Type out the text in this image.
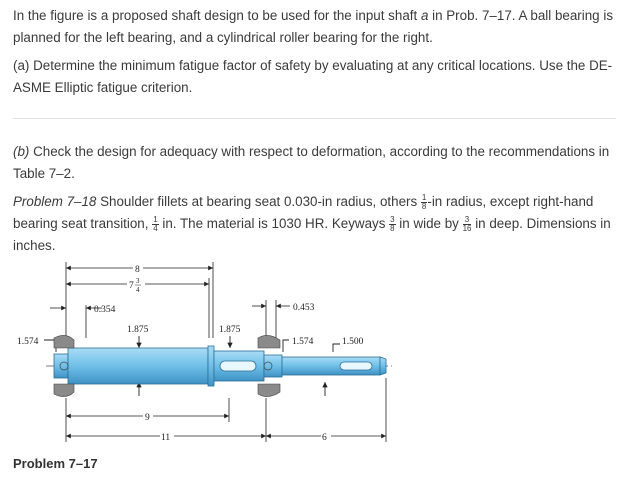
In the figure is a proposed shaft design to be used for the input shaft a in Prob. 7–17. A ball bearing is planned for the left bearing, and a cylindrical roller bearing for the right.

(a) Determine the minimum fatigue factor of safety by evaluating at any critical locations. Use the DE-ASME Elliptic fatigue criterion.

(b) Check the design for adequacy with respect to deformation, according to the recommendations in Table 7–2.

Problem 7–18 Shoulder fillets at bearing seat 0.030-in radius, others $\frac{1}{8} -in$ radius, except right-hand bearing seat transition, $\frac{1}{4}$ in. The material is 1030 HR. Keyways $\frac{3}{8}$ in wide by $\frac{3}{16}$ in deep. Dimensions in inches.

8
7 3
4
0.354
1.875	1.875
1.574
0.453
1.574	1.500
9
11	6
Problem 7–17
